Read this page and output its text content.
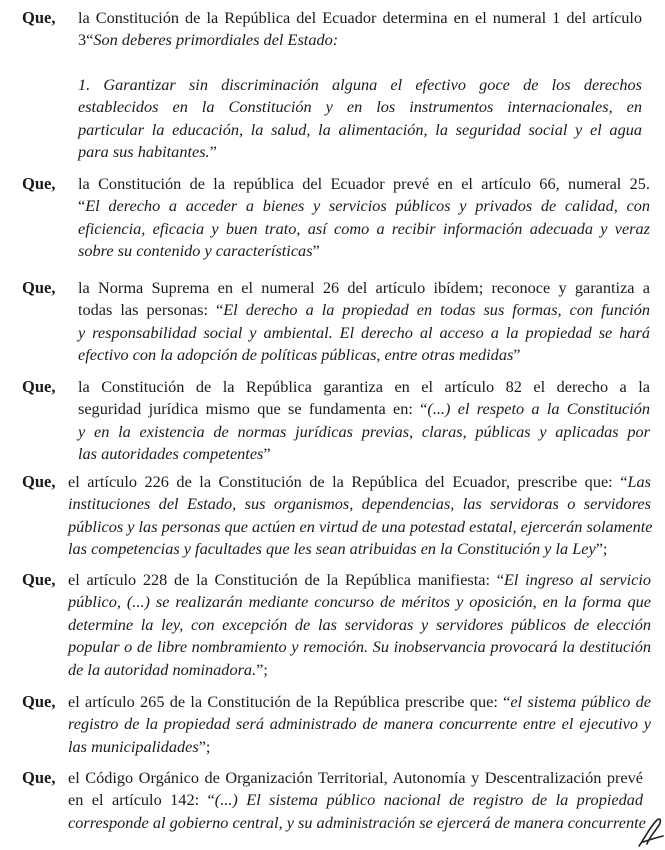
Que, la Constitución de la República del Ecuador determina en el numeral 1 del artículo
3“Son deberes primordiales del Estado:
1. Garantizar sin discriminación alguna el efectivo goce de los derechos
establecidos en la Constitución y en los instrumentos internacionales, en
particular la educación, la salud, la alimentación, la seguridad social y el agua
para sus habitantes.”
Que, la Constitución de la república del Ecuador prevé en el artículo 66, numeral 25.
“El derecho a acceder a bienes y servicios públicos y privados de calidad, con
eficiencia, eficacia y buen trato, así como a recibir información adecuada y veraz
sobre su contenido y características”
Que, la Norma Suprema en el numeral 26 del artículo ibídem; reconoce y garantiza a
todas las personas: “El derecho a la propiedad en todas sus formas, con función
y responsabilidad social y ambiental. El derecho al acceso a la propiedad se hará
efectivo con la adopción de políticas públicas, entre otras medidas”
Que, la Constitución de la República garantiza en el artículo 82 el derecho a la
seguridad jurídica mismo que se fundamenta en: “(...) el respeto a la Constitución
y en la existencia de normas jurídicas previas, claras, públicas y aplicadas por
las autoridades competentes”
Que, el artículo 226 de la Constitución de la República del Ecuador, prescribe que: “Las
instituciones del Estado, sus organismos, dependencias, las servidoras o servidores
públicos y las personas que actúen en virtud de una potestad estatal, ejercerán solamente
las competencias y facultades que les sean atribuidas en la Constitución y la Ley”;
Que, el artículo 228 de la Constitución de la República manifiesta: “El ingreso al servicio
público, (...) se realizarán mediante concurso de méritos y oposición, en la forma que
determine la ley, con excepción de las servidoras y servidores públicos de elección
popular o de libre nombramiento y remoción. Su inobservancia provocará la destitución
de la autoridad nominadora.”;
Que, el artículo 265 de la Constitución de la República prescribe que: “el sistema público de
registro de la propiedad será administrado de manera concurrente entre el ejecutivo y
las municipalidades”;
Que, el Código Orgánico de Organización Territorial, Autonomía y Descentralización prevé
en el artículo 142: “(...) El sistema público nacional de registro de la propiedad
corresponde al gobierno central, y su administración se ejercerá de manera concurrente
